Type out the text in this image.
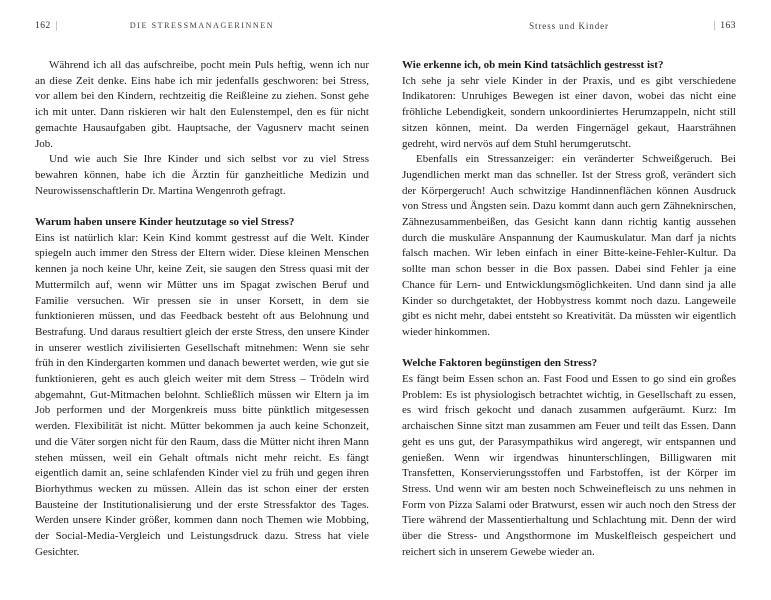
162 |	DIE STRESSMANAGERINNEN

Während ich all das aufschreibe, pocht mein Puls heftig, wenn ich nur an diese Zeit denke. Eins habe ich mir jedenfalls geschworen: bei Stress, vor allem bei den Kindern, rechtzeitig die Reißleine zu ziehen. Sonst gehe ich mit unter. Dann riskieren wir halt den Eulenstempel, den es für nicht gemachte Hausaufgaben gibt. Hauptsache, der Vagusnerv macht seinen Job.

Und wie auch Sie Ihre Kinder und sich selbst vor zu viel Stress bewahren können, habe ich die Ärztin für ganzheitliche Medizin und Neurowissenschaftlerin Dr. Martina Wengenroth gefragt.

Warum haben unsere Kinder heutzutage so viel Stress?

Eins ist natürlich klar: Kein Kind kommt gestresst auf die Welt. Kinder spiegeln auch immer den Stress der Eltern wider. Diese kleinen Menschen kennen ja noch keine Uhr, keine Zeit, sie saugen den Stress quasi mit der Muttermilch auf, wenn wir Mütter uns im Spagat zwischen Beruf und Familie versuchen. Wir pressen sie in unser Korsett, in dem sie funktionieren müssen, und das Feedback besteht oft aus Belohnung und Bestrafung. Und daraus resultiert gleich der erste Stress, den unsere Kinder in unserer westlich zivilisierten Gesellschaft mitnehmen: Wenn sie sehr früh in den Kindergarten kommen und danach bewertet werden, wie gut sie funktionieren, geht es auch gleich weiter mit dem Stress – Trödeln wird abgemahnt, Gut-Mitmachen belohnt. Schließlich müssen wir Eltern ja im Job performen und der Morgenkreis muss bitte pünktlich mitgesessen werden. Flexibilität ist nicht. Mütter bekommen ja auch keine Schonzeit, und die Väter sorgen nicht für den Raum, dass die Mütter nicht ihren Mann stehen müssen, weil ein Gehalt oftmals nicht mehr reicht. Es fängt eigentlich damit an, seine schlafenden Kinder viel zu früh und gegen ihren Biorhythmus wecken zu müssen. Allein das ist schon einer der ersten Bausteine der Institutionalisierung und der erste Stressfaktor des Tages. Werden unsere Kinder größer, kommen dann noch Themen wie Mobbing, der Social-Media-Vergleich und Leistungsdruck dazu. Stress hat viele Gesichter.

Stress und Kinder	| 163
Wie erkenne ich, ob mein Kind tatsächlich gestresst ist?

Ich sehe ja sehr viele Kinder in der Praxis, und es gibt verschiedene Indikatoren: Unruhiges Bewegen ist einer davon, wobei das nicht eine fröhliche Lebendigkeit, sondern unkoordiniertes Herumzappeln, nicht still sitzen können, meint. Da werden Fingernägel gekaut, Haarsträhnen gedreht, wird nervös auf dem Stuhl herumgerutscht.

Ebenfalls ein Stressanzeiger: ein veränderter Schweißgeruch. Bei Jugendlichen merkt man das schneller. Ist der Stress groß, verändert sich der Körpergeruch! Auch schwitzige Handinnenflächen können Ausdruck von Stress und Ängsten sein. Dazu kommt dann auch gern Zähneknirschen, Zähnezusammenbeißen, das Gesicht kann dann richtig kantig aussehen durch die muskuläre Anspannung der Kaumuskulatur. Man darf ja nichts falsch machen. Wir leben einfach in einer Bitte-keine-Fehler-Kultur. Da sollte man schon besser in die Box passen. Dabei sind Fehler ja eine Chance für Lern- und Entwicklungsmöglichkeiten. Und dann sind ja alle Kinder so durchgetaktet, der Hobbystress kommt noch dazu. Langeweile gibt es nicht mehr, dabei entsteht so Kreativität. Da müssten wir eigentlich wieder hinkommen.

Welche Faktoren begünstigen den Stress?

Es fängt beim Essen schon an. Fast Food und Essen to go sind ein großes Problem: Es ist physiologisch betrachtet wichtig, in Gesellschaft zu essen, es wird frisch gekocht und danach zusammen aufgeräumt. Kurz: Im archaischen Sinne sitzt man zusammen am Feuer und teilt das Essen. Dann geht es uns gut, der Parasympathikus wird angeregt, wir entspannen und genießen. Wenn wir irgendwas hinunterschlingen, Billigwaren mit Transfetten, Konservierungsstoffen und Farbstoffen, ist der Körper im Stress. Und wenn wir am besten noch Schweinefleisch zu uns nehmen in Form von Pizza Salami oder Bratwurst, essen wir auch noch den Stress der Tiere während der Massentierhaltung und Schlachtung mit. Denn der wird über die Stress- und Angsthormone im Muskelfleisch gespeichert und reichert sich in unserem Gewebe wieder an.
